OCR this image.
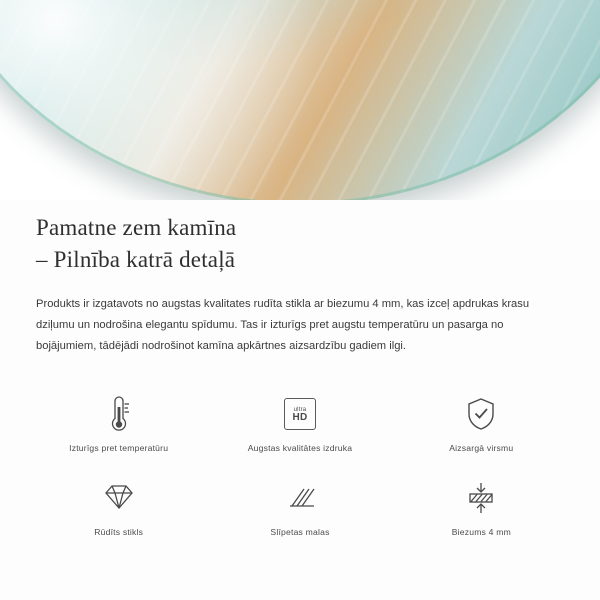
Pamatne zem kamīna
– Pilnība katrā detaļā

Produkts ir izgatavots no augstas kvalitates rudīta stikla ar biezumu 4 mm, kas izceļ apdrukas krasu dziļumu un nodrošina elegantu spīdumu. Tas ir izturīgs pret augstu temperatūru un pasarga no bojājumiem, tādējādi nodrošinot kamīna apkārtnes aizsardzību gadiem ilgi.

Izturīgs pret temperatūru
ultra
HD
Augstas kvalitātes izdruka	Aizsargā virsmu
Rūdīts stikls	Slīpetas malas	Biezums 4 mm
